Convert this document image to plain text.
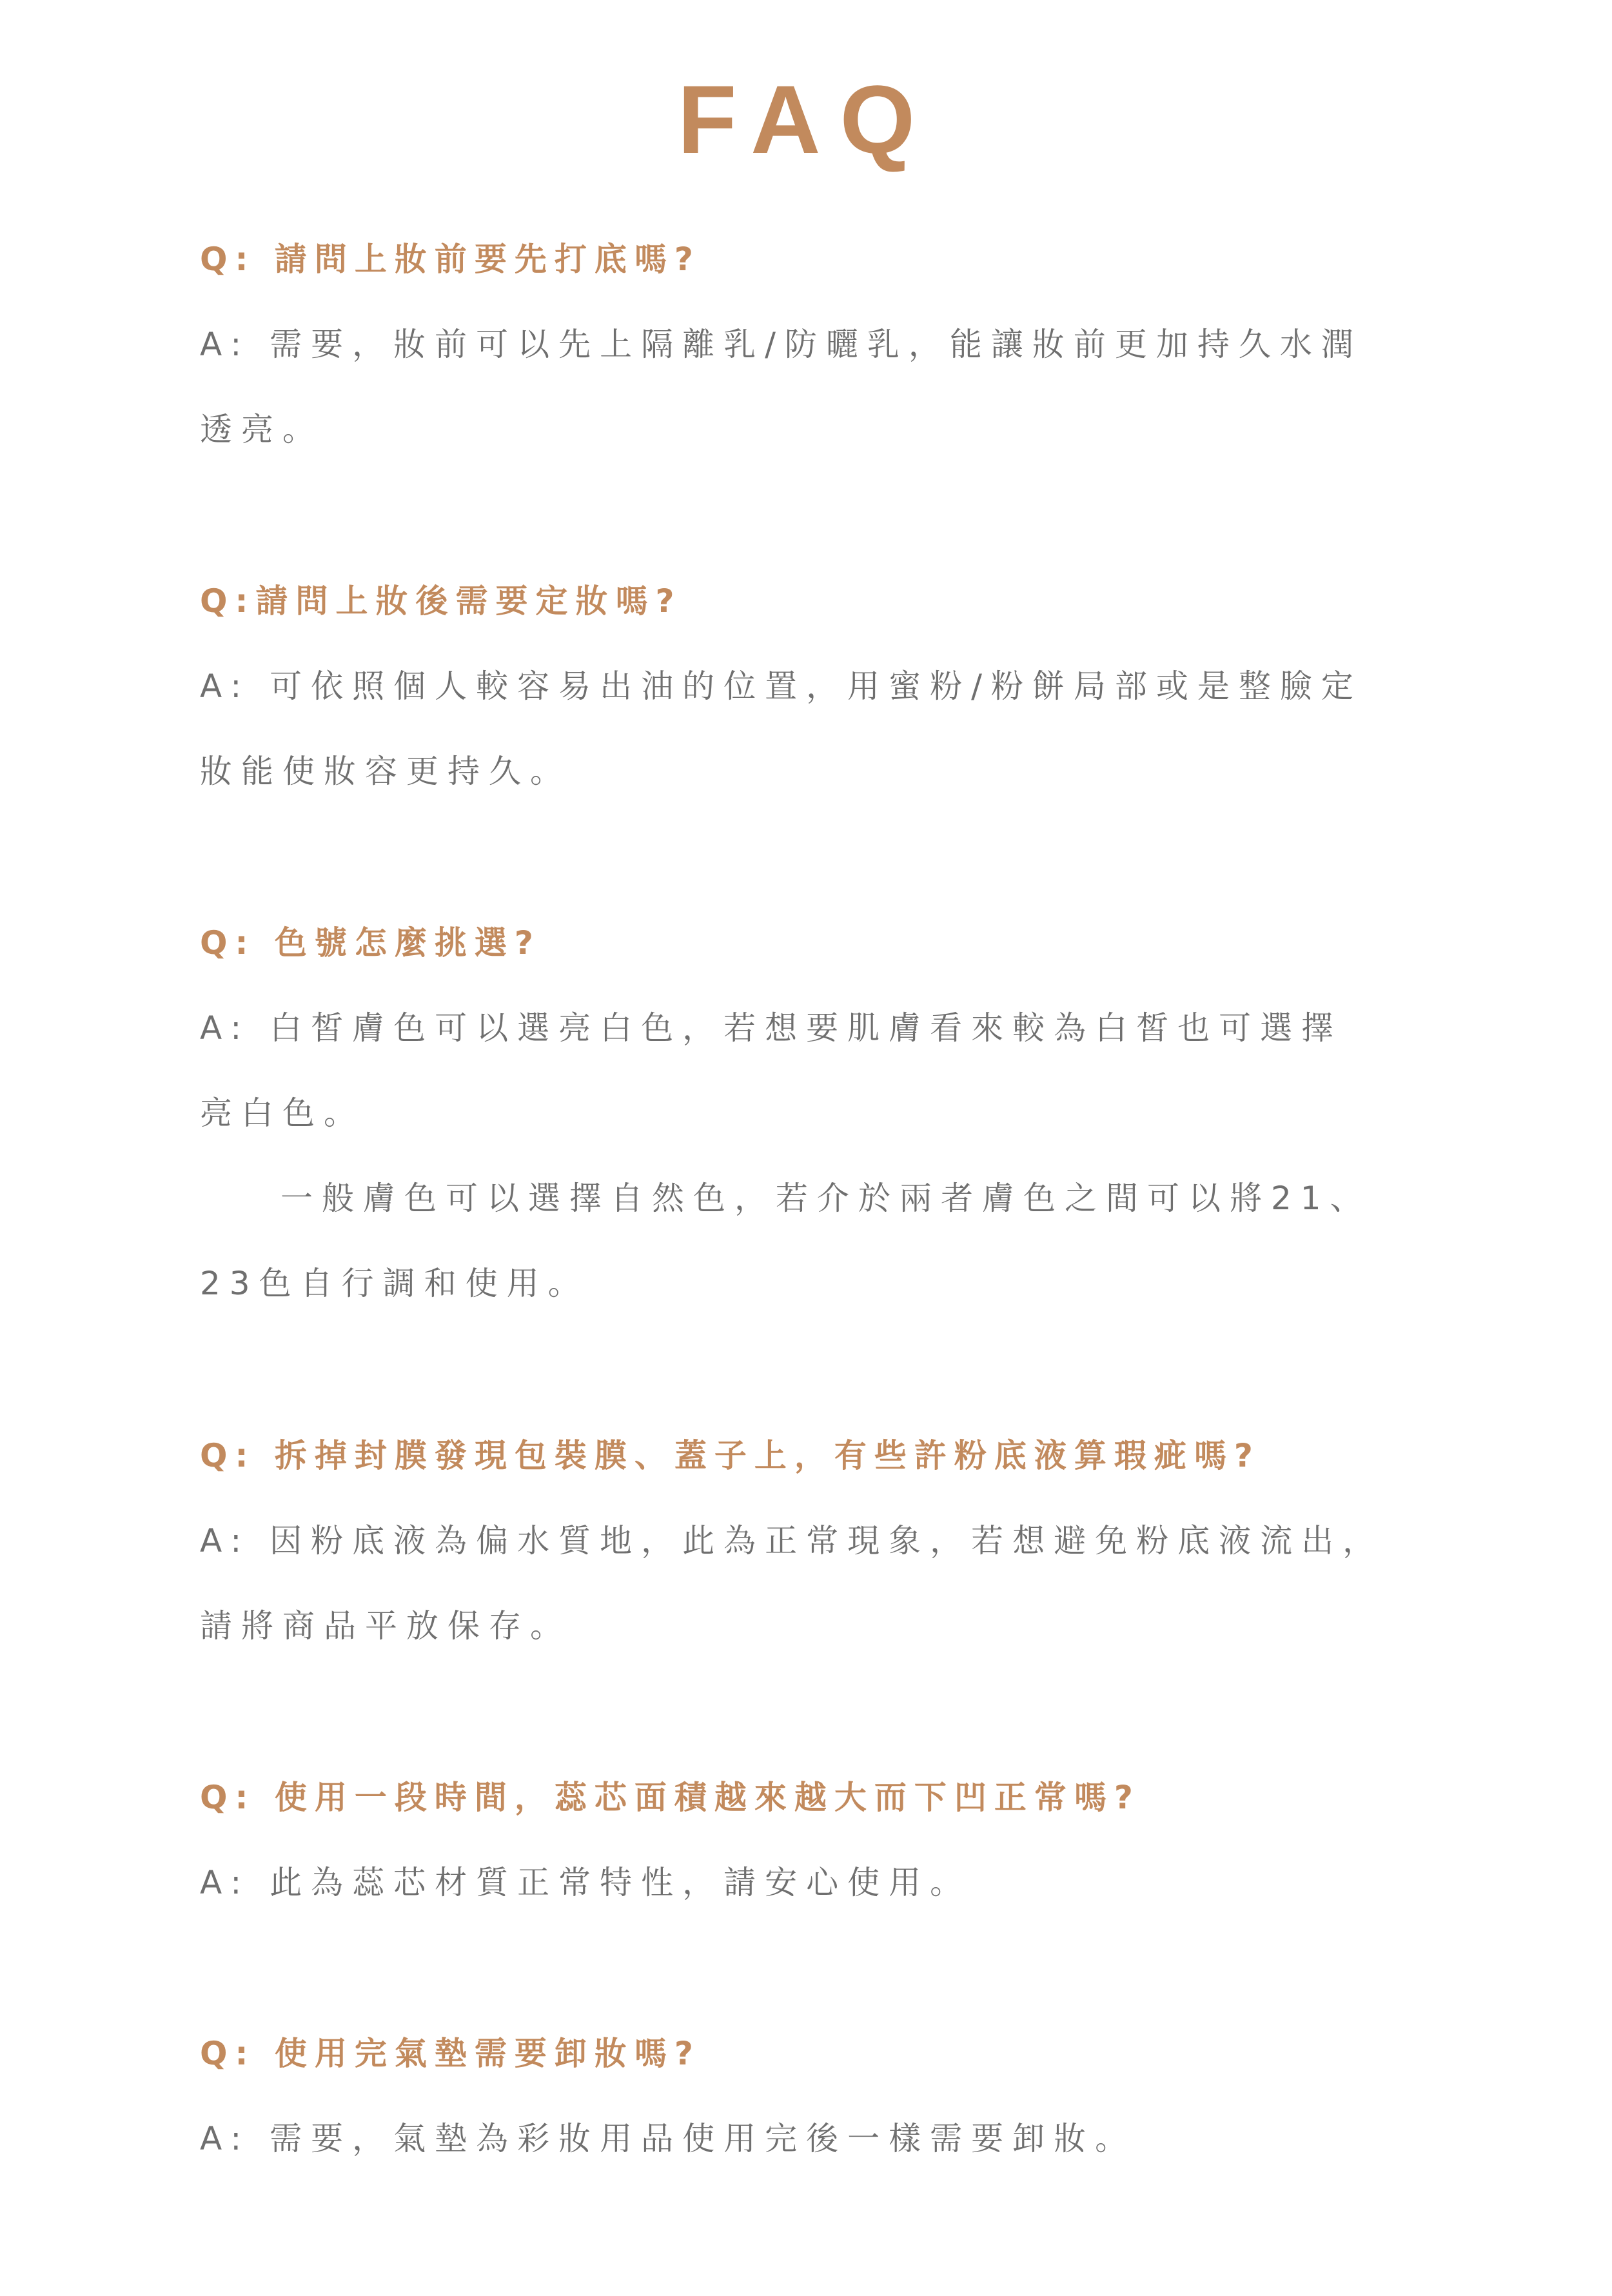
FAQ

Q: 請問上妝前要先打底嗎?

A: 需要，妝前可以先上隔離乳/防曬乳，能讓妝前更加持久水潤

透亮。

Q:請問上妝後需要定妝嗎?

A: 可依照個人較容易出油的位置，用蜜粉/粉餅局部或是整臉定

妝能使妝容更持久。

Q: 色號怎麼挑選?

A: 白皙膚色可以選亮白色，若想要肌膚看來較為白皙也可選擇

亮白色。

一般膚色可以選擇自然色，若介於兩者膚色之間可以將21、

23色自行調和使用。

Q: 拆掉封膜發現包裝膜、蓋子上，有些許粉底液算瑕疵嗎?

A: 因粉底液為偏水質地，此為正常現象，若想避免粉底液流出，

請將商品平放保存。

Q: 使用一段時間，蕊芯面積越來越大而下凹正常嗎?

A: 此為蕊芯材質正常特性，請安心使用。

Q: 使用完氣墊需要卸妝嗎?

A: 需要，氣墊為彩妝用品使用完後一樣需要卸妝。
